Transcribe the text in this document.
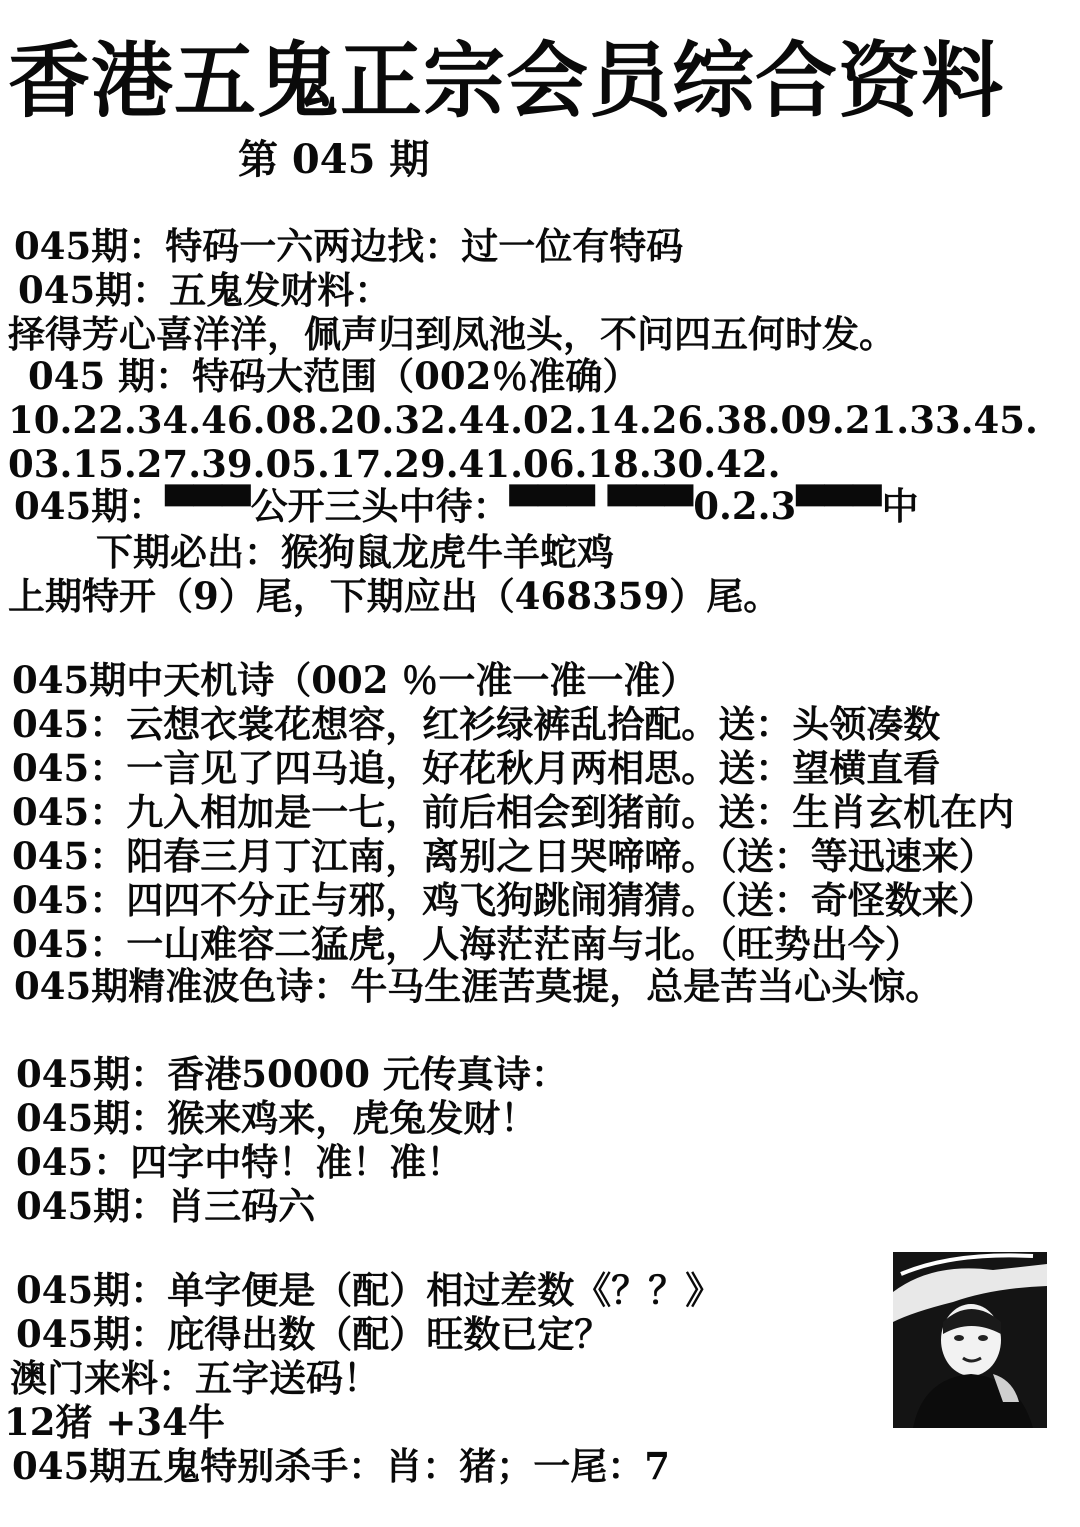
香港五鬼正宗会员综合资料
第 045 期
045期：特码一六两边找：过一位有特码
045期：五鬼发财料：
择得芳心喜洋洋，佩声归到凤池头，不问四五何时发。
045 期：特码大范围（002％准确）
10.22.34.46.08.20.32.44.02.14.26.38.09.21.33.45.
03.15.27.39.05.17.29.41.06.18.30.42.
045期：▀▀▀公开三头中待：▀▀▀ ▀▀▀0.2.3▀▀▀中
下期必出：猴狗鼠龙虎牛羊蛇鸡
上期特开（9）尾，下期应出（468359）尾。
045期中天机诗（002 ％一准一准一准）
045：云想衣裳花想容，红衫绿裤乱拾配。送：头领凑数
045：一言见了四马追，好花秋月两相思。送：望横直看
045：九入相加是一七，前后相会到猪前。送：生肖玄机在内
045：阳春三月丁江南，离别之日哭啼啼。（送：等迅速来）
045：四四不分正与邪，鸡飞狗跳闹猜猜。（送：奇怪数来）
045：一山难容二猛虎，人海茫茫南与北。（旺势出今）
045期精准波色诗：牛马生涯苦莫提，总是苦当心头惊。
045期：香港50000 元传真诗：
045期：猴来鸡来，虎兔发财！
045：四字中特！准！准！
045期：肖三码六
045期：单字便是（配）相过差数《？？》
045期：庇得出数（配）旺数已定？
澳门来料：五字送码！
12猪 +34牛
045期五鬼特别杀手：肖：猪；一尾：7
